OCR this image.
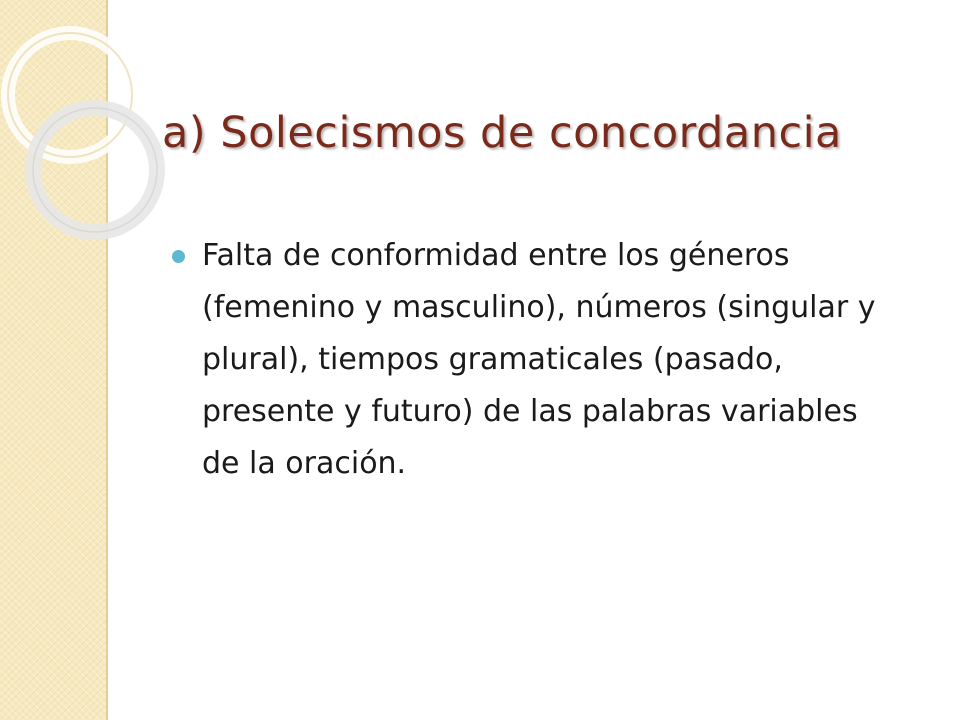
a) Solecismos de concordancia
Falta de conformidad entre los géneros (femenino y masculino), números (singular y plural), tiempos gramaticales (pasado, presente y futuro) de las palabras variables de la oración.
